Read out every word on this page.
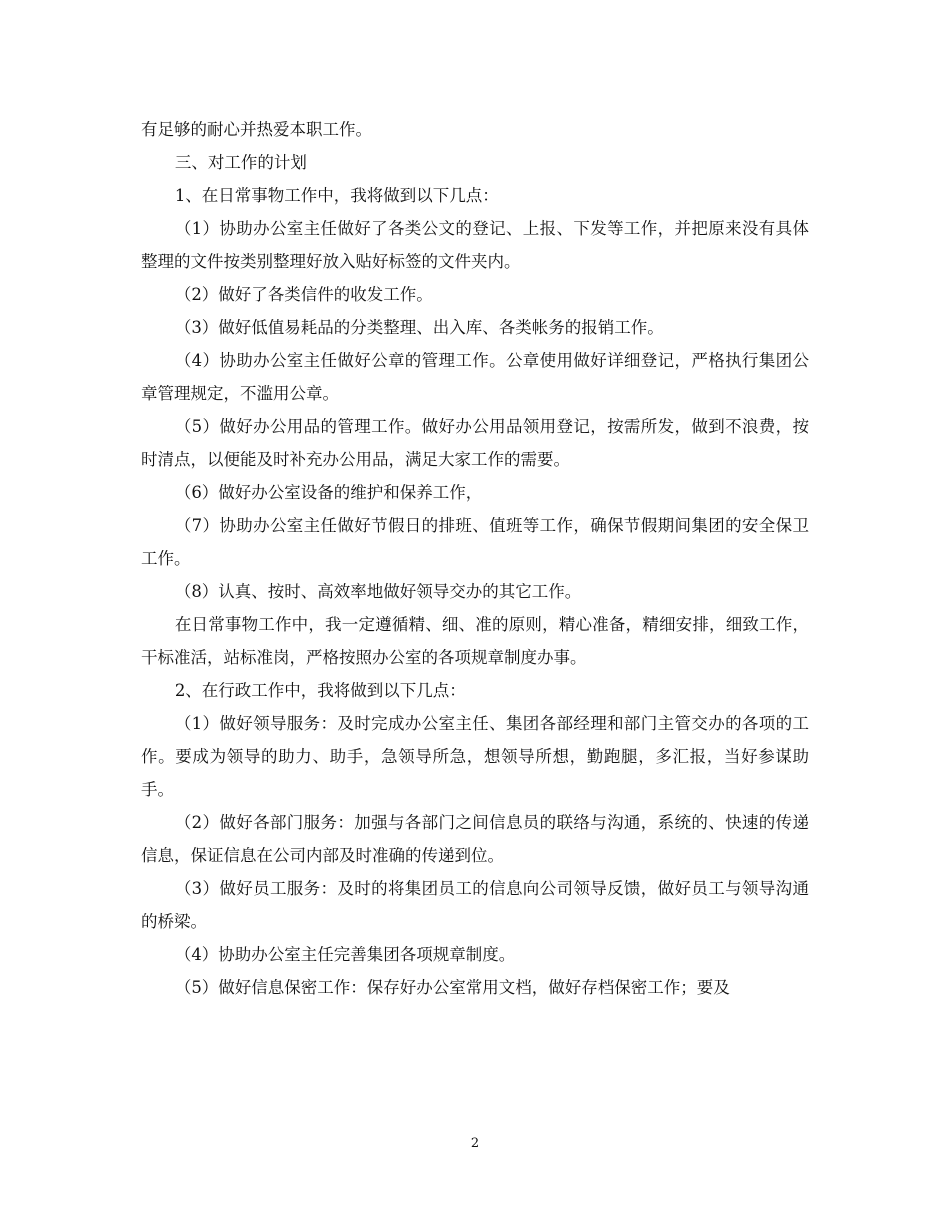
有足够的耐心并热爱本职工作。

三、对工作的计划

1、在日常事物工作中，我将做到以下几点：

（1）协助办公室主任做好了各类公文的登记、上报、下发等工作，并把原来没有具体整理的文件按类别整理好放入贴好标签的文件夹内。

（2）做好了各类信件的收发工作。

（3）做好低值易耗品的分类整理、出入库、各类帐务的报销工作。

（4）协助办公室主任做好公章的管理工作。公章使用做好详细登记，严格执行集团公章管理规定，不滥用公章。

（5）做好办公用品的管理工作。做好办公用品领用登记，按需所发，做到不浪费，按时清点，以便能及时补充办公用品，满足大家工作的需要。

（6）做好办公室设备的维护和保养工作，

（7）协助办公室主任做好节假日的排班、值班等工作，确保节假期间集团的安全保卫工作。

（8）认真、按时、高效率地做好领导交办的其它工作。

在日常事物工作中，我一定遵循精、细、准的原则，精心准备，精细安排，细致工作，干标准活，站标准岗，严格按照办公室的各项规章制度办事。

2、在行政工作中，我将做到以下几点：

（1）做好领导服务：及时完成办公室主任、集团各部经理和部门主管交办的各项的工作。要成为领导的助力、助手，急领导所急，想领导所想，勤跑腿，多汇报，当好参谋助手。

（2）做好各部门服务：加强与各部门之间信息员的联络与沟通，系统的、快速的传递信息，保证信息在公司内部及时准确的传递到位。

（3）做好员工服务：及时的将集团员工的信息向公司领导反馈，做好员工与领导沟通的桥梁。

（4）协助办公室主任完善集团各项规章制度。

（5）做好信息保密工作：保存好办公室常用文档，做好存档保密工作；要及

2
